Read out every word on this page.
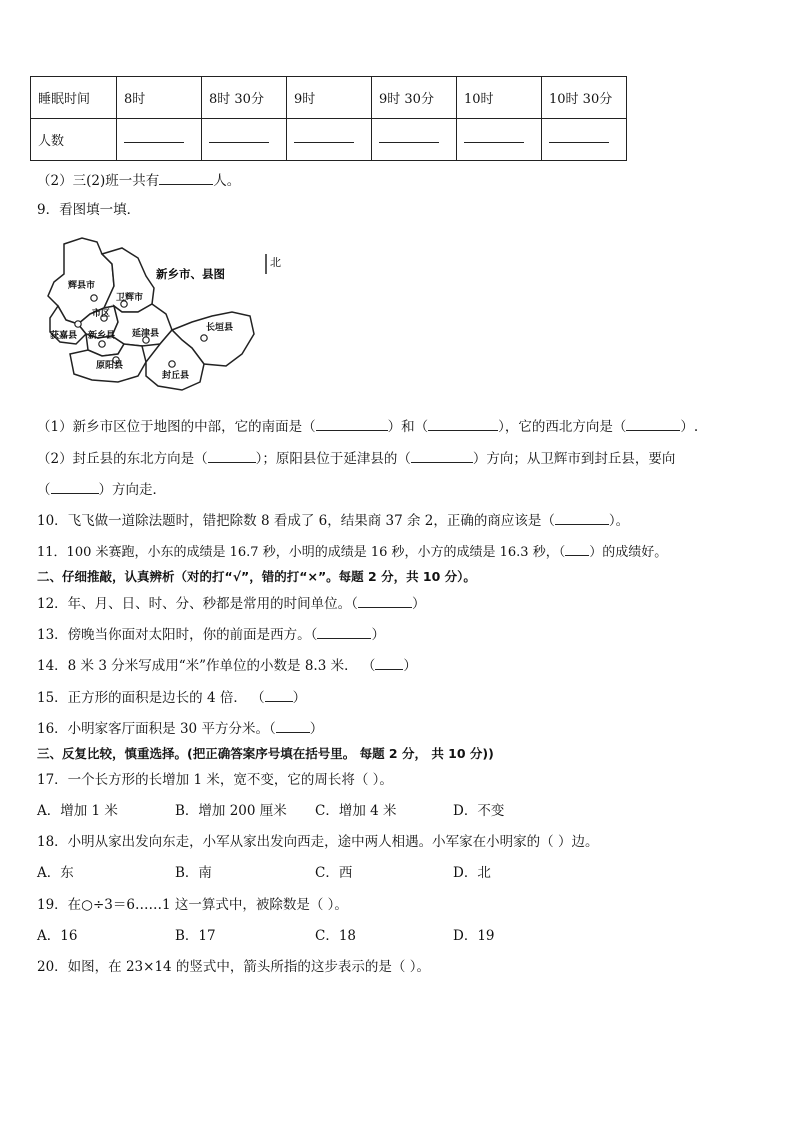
睡眠时间	8时	8时 30分	9时	9时 30分	10时	10时 30分
人数						
（2）三(2)班一共有	人。
9．看图填一填．
辉县市
卫辉市
市区
获嘉县 新乡县 延津县
长垣县
原阳县
封丘县
新乡市、县图
北
（1）新乡市区位于地图的中部，它的南面是（	）和（	），它的西北方向是（	）.
（2）封丘县的东北方向是（	）；原阳县位于延津县的（	）方向；从卫辉市到封丘县，要向
（	）方向走．
10．飞飞做一道除法题时，错把除数 8 看成了 6，结果商 37 余 2，正确的商应该是（	）。
11．100 米赛跑，小东的成绩是 16.7 秒，小明的成绩是 16 秒，小方的成绩是 16.3 秒，（ ）的成绩好。
二、仔细推敲，认真辨析（对的打“√”，错的打“×”。每题 2 分，共 10 分）。
12．年、月、日、时、分、秒都是常用的时间单位。（	）
13．傍晚当你面对太阳时，你的前面是西方。（	）
14．8 米 3 分米写成用“米”作单位的小数是 8.3 米． （ ）
15．正方形的面积是边长的 4 倍． （ ）
16．小明家客厅面积是 30 平方分米。（	）
三、反复比较，慎重选择。(把正确答案序号填在括号里。 每题 2 分， 共 10 分))
17．一个长方形的长增加 1 米，宽不变，它的周长将（ ）。
A．增加 1 米	B．增加 200 厘米 C．增加 4 米	D．不变
18．小明从家出发向东走，小军从家出发向西走，途中两人相遇。小军家在小明家的（ ）边。
A．东	B．南	C．西	D．北
19．在○÷3＝6……1 这一算式中，被除数是（ ）。
A．16	B．17	C．18	D．19
20．如图，在 23×14 的竖式中，箭头所指的这步表示的是（ ）。
